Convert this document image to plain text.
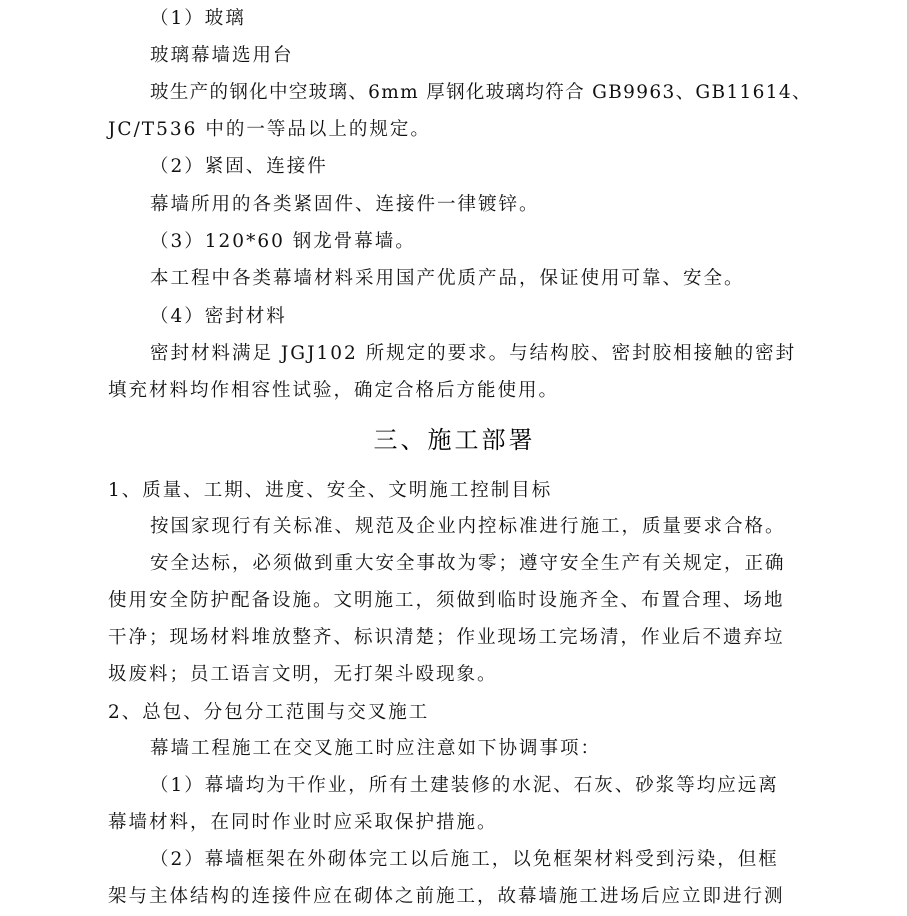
（1）玻璃
玻璃幕墙选用台
玻生产的钢化中空玻璃、6mm 厚钢化玻璃均符合 GB9963、GB11614、
JC/T536 中的一等品以上的规定。
（2）紧固、连接件
幕墙所用的各类紧固件、连接件一律镀锌。
（3）120*60 钢龙骨幕墙。
本工程中各类幕墙材料采用国产优质产品，保证使用可靠、安全。
（4）密封材料
密封材料满足 JGJ102 所规定的要求。与结构胶、密封胶相接触的密封
填充材料均作相容性试验，确定合格后方能使用。
三、施工部署
1、质量、工期、进度、安全、文明施工控制目标
按国家现行有关标准、规范及企业内控标准进行施工，质量要求合格。
安全达标，必须做到重大安全事故为零；遵守安全生产有关规定，正确
使用安全防护配备设施。文明施工，须做到临时设施齐全、布置合理、场地
干净；现场材料堆放整齐、标识清楚；作业现场工完场清，作业后不遗弃垃
圾废料；员工语言文明，无打架斗殴现象。
2、总包、分包分工范围与交叉施工
幕墙工程施工在交叉施工时应注意如下协调事项：
（1）幕墙均为干作业，所有土建装修的水泥、石灰、砂浆等均应远离
幕墙材料，在同时作业时应采取保护措施。
（2）幕墙框架在外砌体完工以后施工，以免框架材料受到污染，但框
架与主体结构的连接件应在砌体之前施工，故幕墙施工进场后应立即进行测
